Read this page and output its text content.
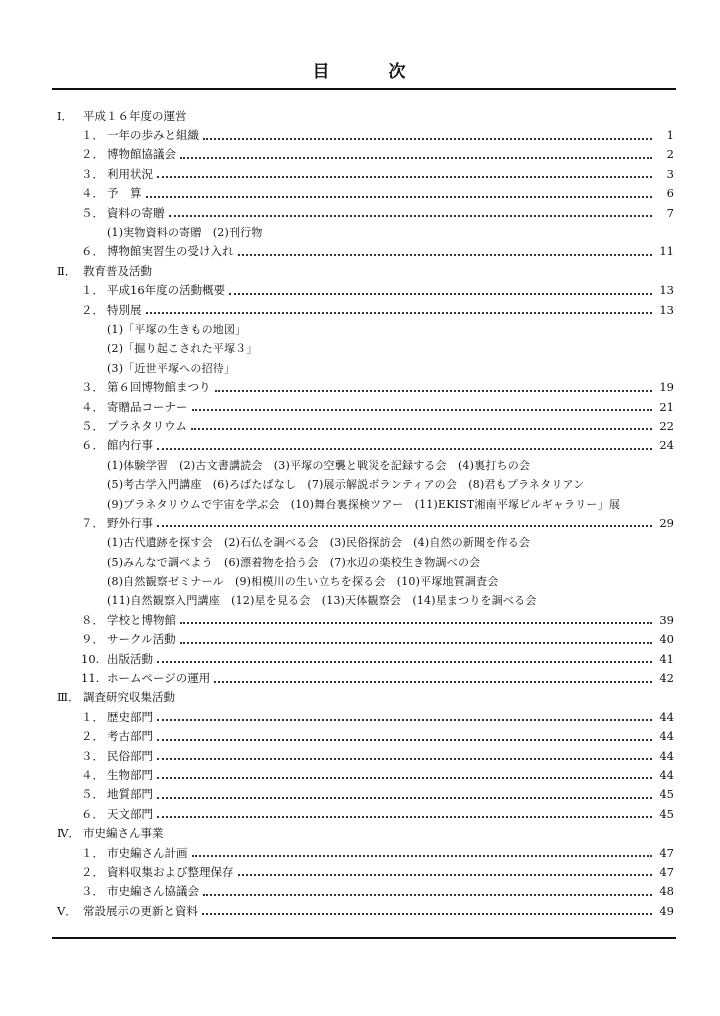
目　　　次
Ⅰ． 平成１６年度の運営
１． 一年の歩みと組織	1
２． 博物館協議会	2
３． 利用状況	3
４． 予　算	6
５． 資料の寄贈	7
(1)実物資料の寄贈　(2)刊行物
６． 博物館実習生の受け入れ	11
Ⅱ． 教育普及活動
１． 平成16年度の活動概要	13
２． 特別展	13
(1)「平塚の生きもの地図」
(2)「掘り起こされた平塚３」
(3)「近世平塚への招待」
３． 第６回博物館まつり	19
４． 寄贈品コーナー	21
５． プラネタリウム	22
６． 館内行事	24
(1)体験学習　(2)古文書講読会　(3)平塚の空襲と戦災を記録する会　(4)裏打ちの会
(5)考古学入門講座　(6)ろばたばなし　(7)展示解説ボランティアの会　(8)君もプラネタリアン
(9)プラネタリウムで宇宙を学ぶ会　(10)舞台裏探検ツアー　(11)EKIST湘南平塚ビルギャラリー」展
７． 野外行事	29
(1)古代遺跡を探す会　(2)石仏を調べる会　(3)民俗探訪会　(4)自然の新聞を作る会
(5)みんなで調べよう　(6)漂着物を拾う会　(7)水辺の楽校生き物調べの会
(8)自然観察ゼミナール　(9)相模川の生い立ちを探る会　(10)平塚地質調査会
(11)自然観察入門講座　(12)星を見る会　(13)天体観察会　(14)星まつりを調べる会
８． 学校と博物館	39
９． サークル活動	40
10. 出版活動	41
11. ホームページの運用	42
Ⅲ． 調査研究収集活動
１． 歴史部門	44
２． 考古部門	44
３． 民俗部門	44
４． 生物部門	44
５． 地質部門	45
６． 天文部門	45
Ⅳ． 市史編さん事業
１． 市史編さん計画	47
２． 資料収集および整理保存	47
３． 市史編さん協議会	48
Ⅴ． 常設展示の更新と資料	49
